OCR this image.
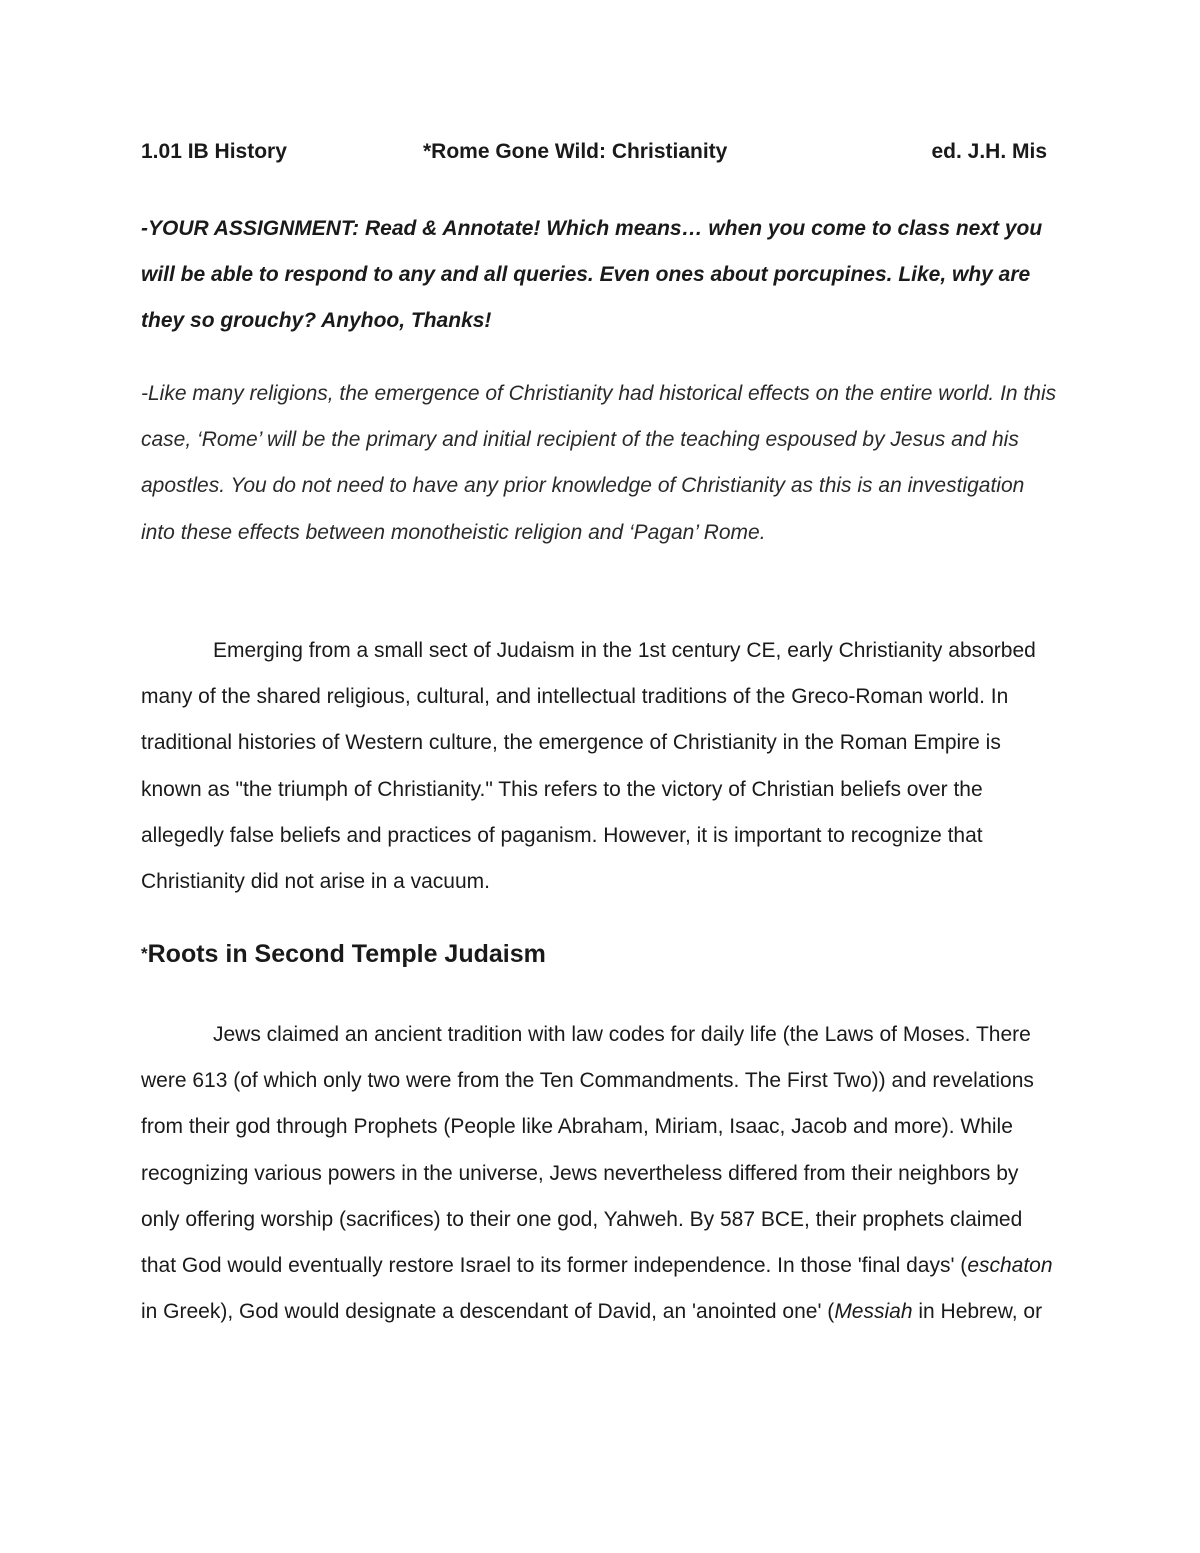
1.01 IB History	*Rome Gone Wild: Christianity	ed. J.H. Mis

-YOUR ASSIGNMENT: Read & Annotate! Which means… when you come to class next you will be able to respond to any and all queries. Even ones about porcupines. Like, why are they so grouchy? Anyhoo, Thanks!

-Like many religions, the emergence of Christianity had historical effects on the entire world. In this case, ‘Rome’ will be the primary and initial recipient of the teaching espoused by Jesus and his apostles. You do not need to have any prior knowledge of Christianity as this is an investigation into these effects between monotheistic religion and ‘Pagan’ Rome.

Emerging from a small sect of Judaism in the 1st century CE, early Christianity absorbed many of the shared religious, cultural, and intellectual traditions of the Greco-Roman world. In traditional histories of Western culture, the emergence of Christianity in the Roman Empire is known as "the triumph of Christianity." This refers to the victory of Christian beliefs over the allegedly false beliefs and practices of paganism. However, it is important to recognize that Christianity did not arise in a vacuum.

*Roots in Second Temple Judaism

Jews claimed an ancient tradition with law codes for daily life (the Laws of Moses. There were 613 (of which only two were from the Ten Commandments. The First Two)) and revelations from their god through Prophets (People like Abraham, Miriam, Isaac, Jacob and more). While recognizing various powers in the universe, Jews nevertheless differed from their neighbors by only offering worship (sacrifices) to their one god, Yahweh. By 587 BCE, their prophets claimed that God would eventually restore Israel to its former independence. In those 'final days' (eschaton in Greek), God would designate a descendant of David, an 'anointed one' (Messiah in Hebrew, or
